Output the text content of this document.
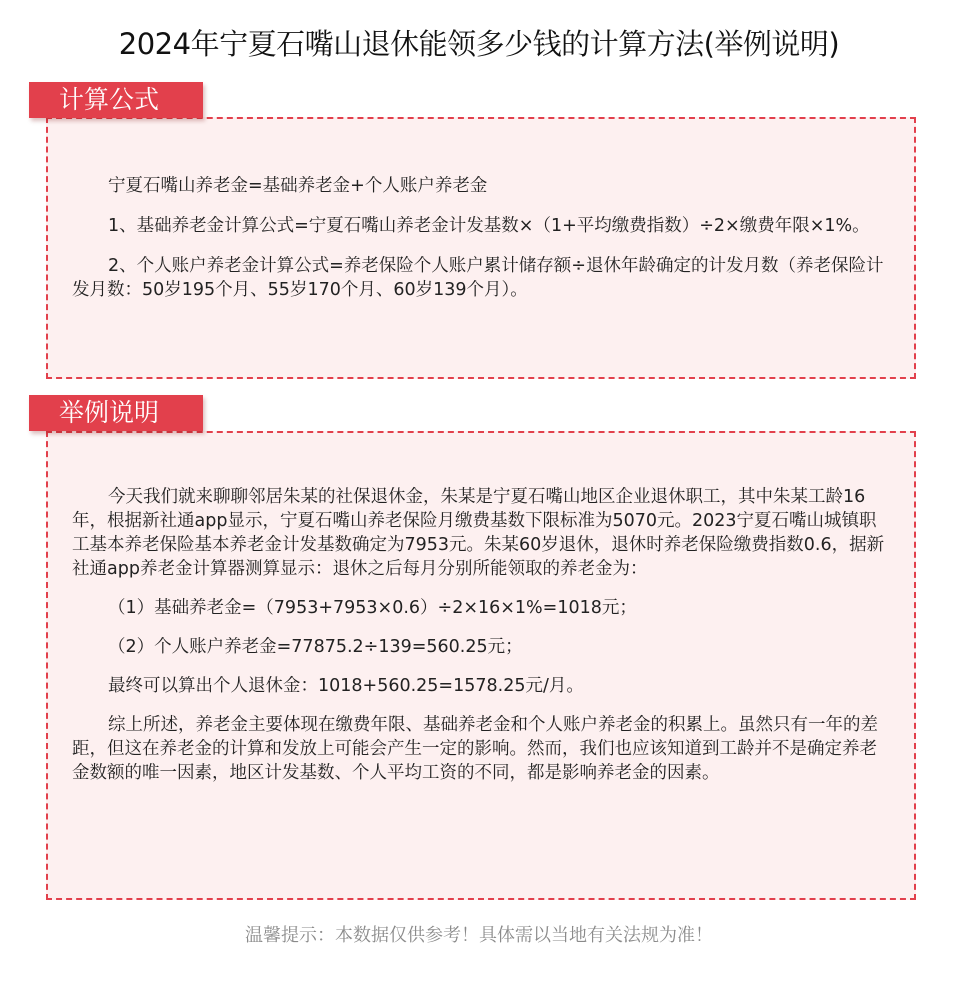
2024年宁夏石嘴山退休能领多少钱的计算方法(举例说明)

宁夏石嘴山养老金=基础养老金+个人账户养老金

1、基础养老金计算公式=宁夏石嘴山养老金计发基数×（1+平均缴费指数）÷2×缴费年限×1%。

2、个人账户养老金计算公式=养老保险个人账户累计储存额÷退休年龄确定的计发月数（养老保险计发月数：50岁195个月、55岁170个月、60岁139个月）。

计算公式

今天我们就来聊聊邻居朱某的社保退休金，朱某是宁夏石嘴山地区企业退休职工，其中朱某工龄16年，根据新社通app显示，宁夏石嘴山养老保险月缴费基数下限标准为5070元。2023宁夏石嘴山城镇职工基本养老保险基本养老金计发基数确定为7953元。朱某60岁退休，退休时养老保险缴费指数0.6，据新社通app养老金计算器测算显示：退休之后每月分别所能领取的养老金为：

（1）基础养老金=（7953+7953×0.6）÷2×16×1%=1018元；

（2）个人账户养老金=77875.2÷139=560.25元；

最终可以算出个人退休金：1018+560.25=1578.25元/月。

综上所述，养老金主要体现在缴费年限、基础养老金和个人账户养老金的积累上。虽然只有一年的差距，但这在养老金的计算和发放上可能会产生一定的影响。然而，我们也应该知道到工龄并不是确定养老金数额的唯一因素，地区计发基数、个人平均工资的不同，都是影响养老金的因素。

举例说明
温馨提示：本数据仅供参考！具体需以当地有关法规为准！
